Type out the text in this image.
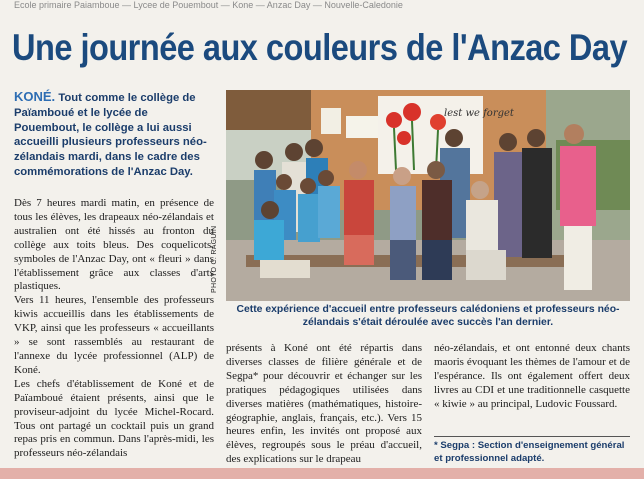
Ecole primaire Paiamboue — Lycee de Pouembout — Kone — Anzac Day — Nouvelle-Caledonie
Une journée aux couleurs de l'Anzac Day
KONÉ. Tout comme le collège de Païamboué et le lycée de Pouembout, le collège a lui aussi accueilli plusieurs professeurs néo-zélandais mardi, dans le cadre des commémorations de l'Anzac Day.

Dès 7 heures mardi matin, en présence de tous les élèves, les drapeaux néo-zélandais et australien ont été hissés au fronton du collège aux toits bleus. Des coquelicots, symboles de l'Anzac Day, ont « fleuri » dans l'établissement grâce aux classes d'arts plastiques.

Vers 11 heures, l'ensemble des professeurs kiwis accueillis dans les établissements de VKP, ainsi que les professeurs « accueillants » se sont rassemblés au restaurant de l'annexe du lycée professionnel (ALP) de Koné.

Les chefs d'établissement de Koné et de Païamboué étaient présents, ainsi que le proviseur-adjoint du lycée Michel-Rocard. Tous ont partagé un cocktail puis un grand repas pris en commun. Dans l'après-midi, les professeurs néo-zélandais

lest we forget
PHOTO C. RAGUIN
Cette expérience d'accueil entre professeurs calédoniens et professeurs néo-zélandais s'était déroulée avec succès l'an dernier.
présents à Koné ont été répartis dans diverses classes de filière générale et de Segpa* pour découvrir et échanger sur les pratiques pédagogiques utilisées dans diverses matières (mathématiques, histoire-géographie, anglais, français, etc.). Vers 15 heures enfin, les invités ont proposé aux élèves, regroupés sous le préau d'accueil, des explications sur le drapeau
néo-zélandais, et ont entonné deux chants maoris évoquant les thèmes de l'amour et de l'espérance. Ils ont également offert deux livres au CDI et une traditionnelle casquette « kiwie » au principal, Ludovic Foussard.
* Segpa : Section d'enseignement général et professionnel adapté.
